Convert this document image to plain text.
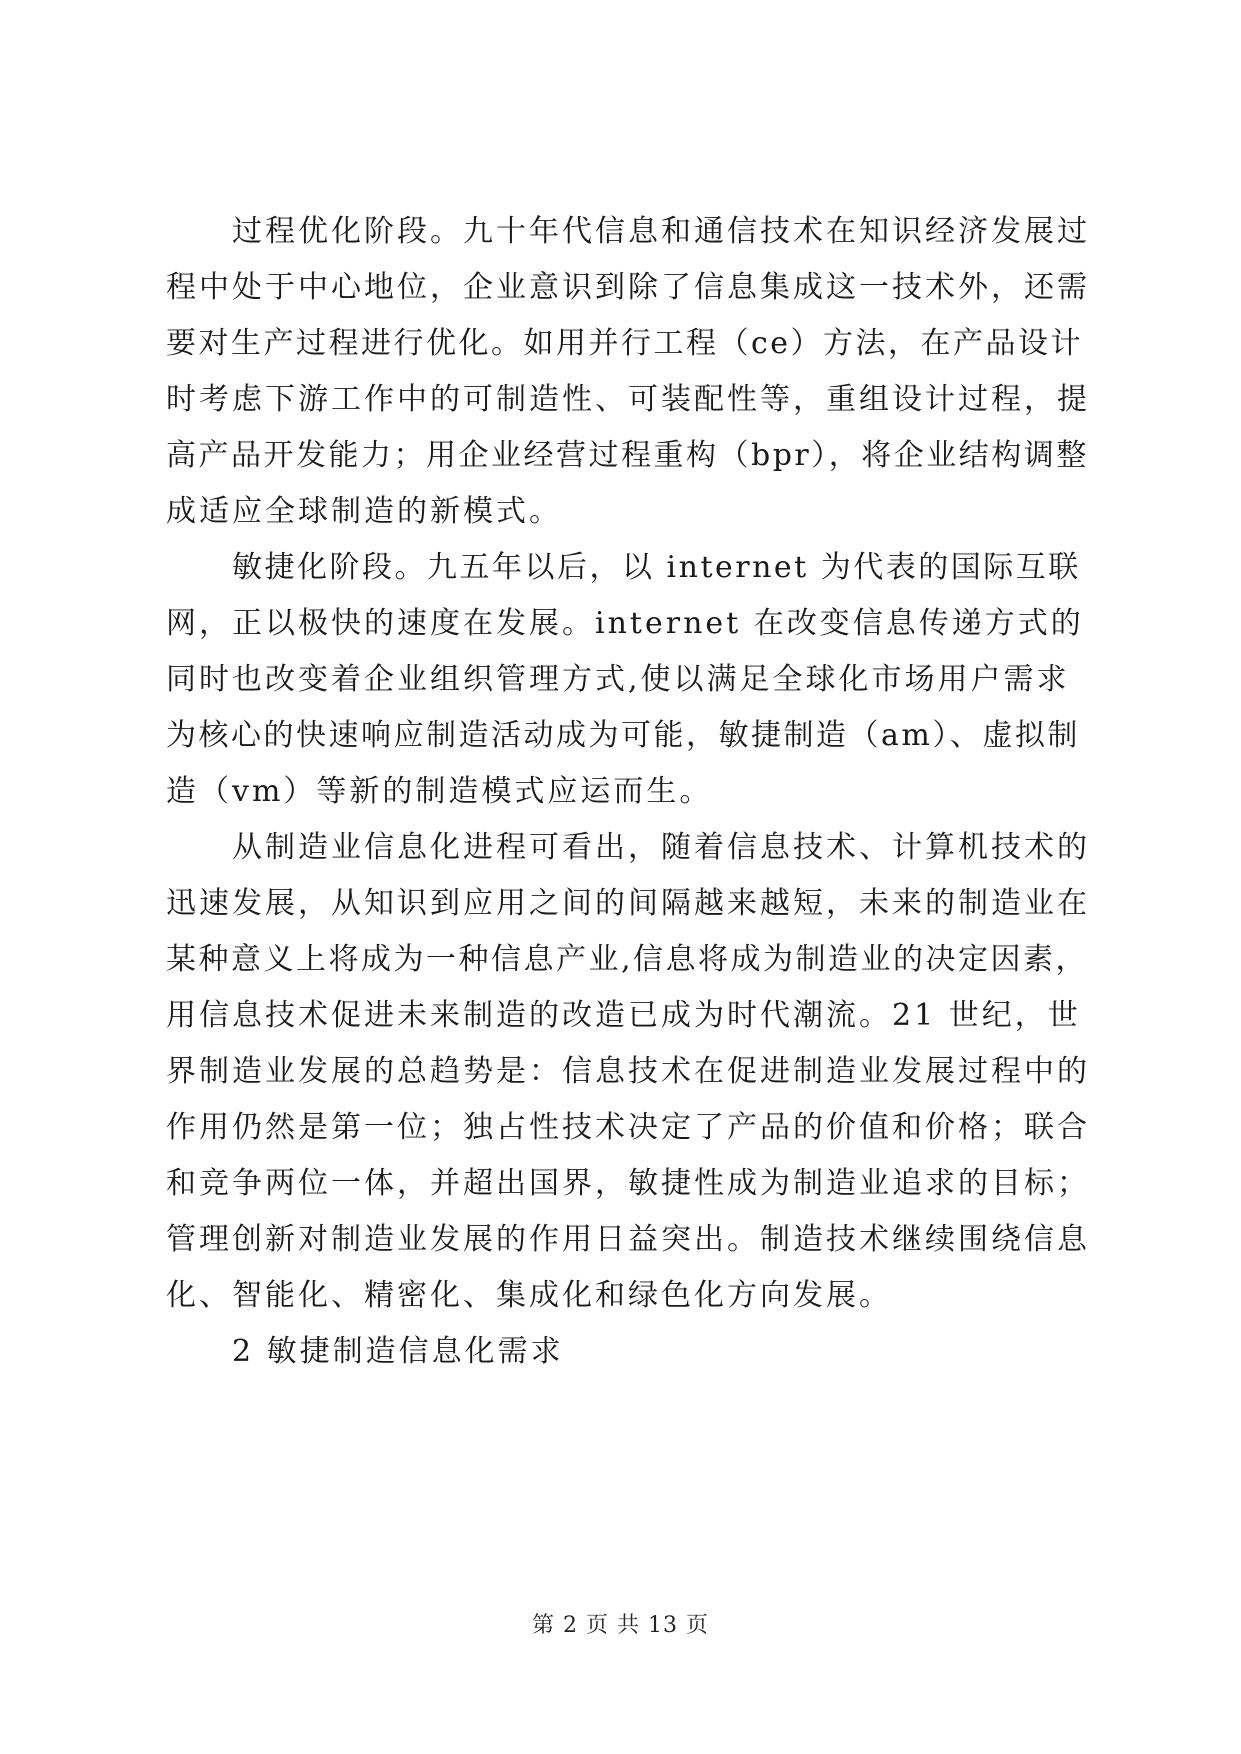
过程优化阶段。九十年代信息和通信技术在知识经济发展过
程中处于中心地位，企业意识到除了信息集成这一技术外，还需
要对生产过程进行优化。如用并行工程（ce）方法，在产品设计
时考虑下游工作中的可制造性、可装配性等，重组设计过程，提
高产品开发能力；用企业经营过程重构（bpr），将企业结构调整
成适应全球制造的新模式。
敏捷化阶段。九五年以后，以 internet 为代表的国际互联
网，正以极快的速度在发展。internet 在改变信息传递方式的
同时也改变着企业组织管理方式,使以满足全球化市场用户需求
为核心的快速响应制造活动成为可能，敏捷制造（am）、虚拟制
造（vm）等新的制造模式应运而生。
从制造业信息化进程可看出，随着信息技术、计算机技术的
迅速发展，从知识到应用之间的间隔越来越短，未来的制造业在
某种意义上将成为一种信息产业,信息将成为制造业的决定因素，
用信息技术促进未来制造的改造已成为时代潮流。21 世纪，世
界制造业发展的总趋势是：信息技术在促进制造业发展过程中的
作用仍然是第一位；独占性技术决定了产品的价值和价格；联合
和竞争两位一体，并超出国界，敏捷性成为制造业追求的目标；
管理创新对制造业发展的作用日益突出。制造技术继续围绕信息
化、智能化、精密化、集成化和绿色化方向发展。
2 敏捷制造信息化需求
第 2 页 共 13 页
